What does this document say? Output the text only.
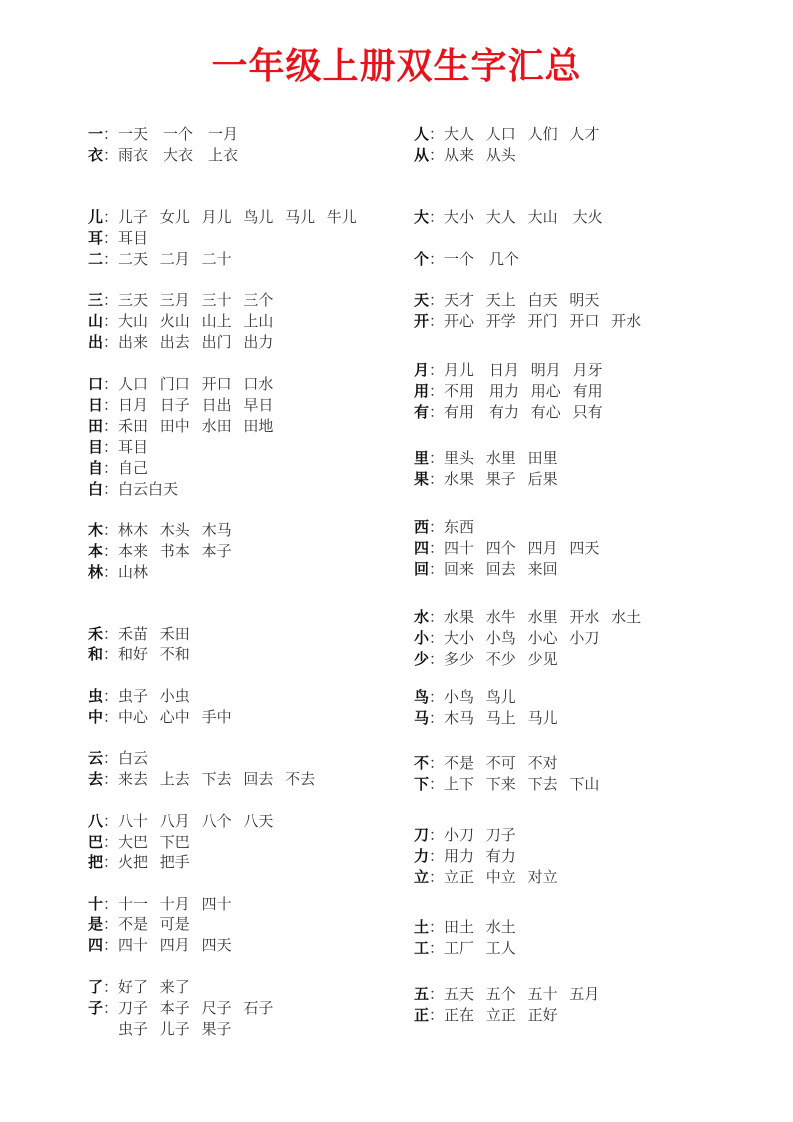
一年级上册双生字汇总
一：一天　一个　一月
衣：雨衣　大衣　上衣
儿：儿子 女儿 月儿 鸟儿 马儿 牛儿
耳：耳目
二：二天 二月 二十
三：三天 三月 三十 三个
山：大山 火山 山上 上山
出：出来 出去 出门 出力
口：人口 门口 开口 口水
日：日月 日子 日出 早日
田：禾田 田中 水田 田地
目：耳目
自：自己
白：白云白天
木：林木 木头 木马
本：本来 书本 本子
林：山林
禾：禾苗 禾田
和：和好 不和
虫：虫子 小虫
中：中心 心中 手中
云：白云
去：来去 上去 下去 回去 不去
八：八十 八月 八个 八天
巴：大巴 下巴
把：火把 把手
十：十一 十月 四十
是：不是 可是
四：四十 四月 四天
了：好了 来了
子：刀子 本子 尺子 石子
虫子 儿子 果子
人：大人 人口 人们 人才
从：从来 从头
大：大小 大人 大山　大火
个：一个　几个
天：天才 天上 白天 明天
开：开心 开学 开门 开口 开水
月：月儿　日月 明月 月牙
用：不用　用力 用心 有用
有：有用　有力 有心 只有
里：里头 水里 田里
果：水果 果子 后果
西：东西
四：四十 四个 四月 四天
回：回来 回去 来回
水：水果 水牛 水里 开水 水土
小：大小 小鸟 小心 小刀
少：多少 不少 少见
鸟：小鸟 鸟儿
马：木马 马上 马儿
不：不是 不可 不对
下：上下 下来 下去 下山
刀：小刀 刀子
力：用力 有力
立：立正 中立 对立
土：田土 水土
工：工厂 工人
五：五天 五个 五十 五月
正：正在 立正 正好
